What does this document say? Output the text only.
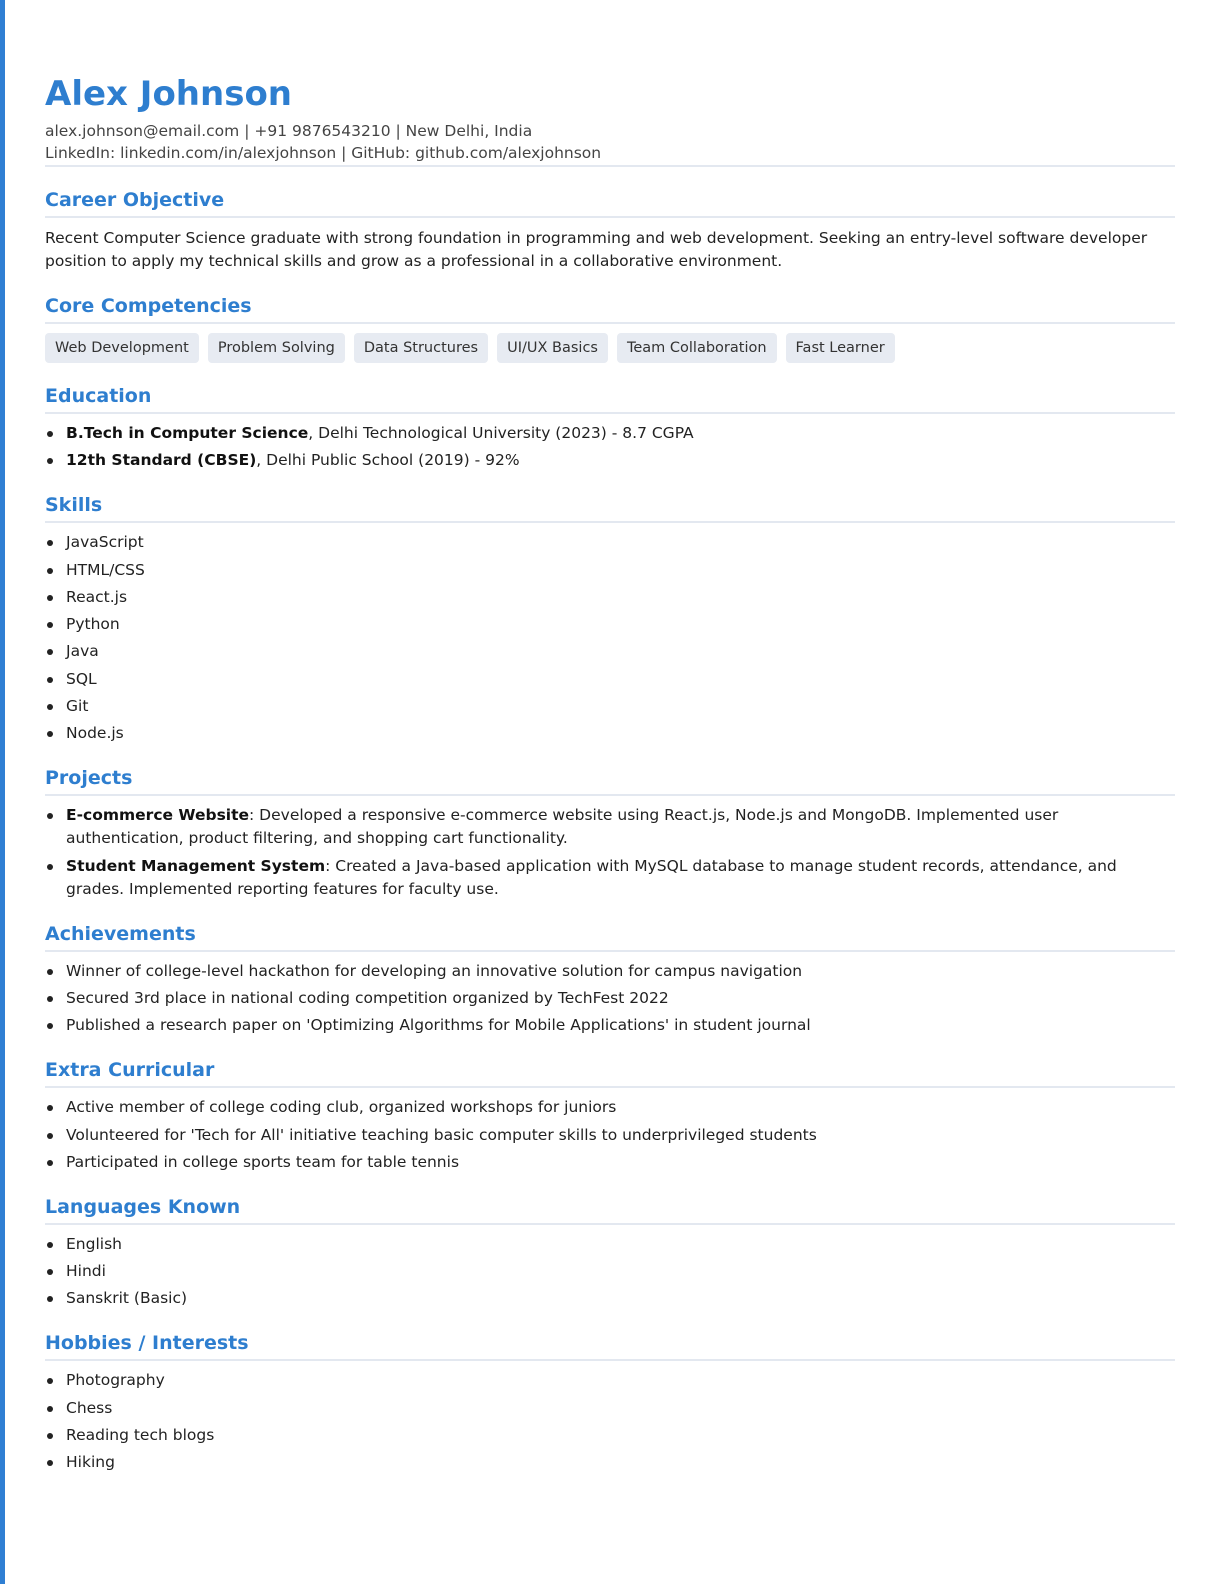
Alex Johnson
alex.johnson@email.com | +91 9876543210 | New Delhi, India
LinkedIn: linkedin.com/in/alexjohnson | GitHub: github.com/alexjohnson
Career Objective
Recent Computer Science graduate with strong foundation in programming and web development. Seeking an entry-level software developer position to apply my technical skills and grow as a professional in a collaborative environment.
Core Competencies
Web Development	Problem Solving	Data Structures	UI/UX Basics	Team Collaboration	Fast Learner
Education
B.Tech in Computer Science, Delhi Technological University (2023) - 8.7 CGPA
12th Standard (CBSE), Delhi Public School (2019) - 92%
Skills
JavaScript
HTML/CSS
React.js
Python
Java
SQL
Git
Node.js
Projects
E-commerce Website: Developed a responsive e-commerce website using React.js, Node.js and MongoDB. Implemented user authentication, product filtering, and shopping cart functionality.
Student Management System: Created a Java-based application with MySQL database to manage student records, attendance, and grades. Implemented reporting features for faculty use.
Achievements
Winner of college-level hackathon for developing an innovative solution for campus navigation
Secured 3rd place in national coding competition organized by TechFest 2022
Published a research paper on 'Optimizing Algorithms for Mobile Applications' in student journal
Extra Curricular
Active member of college coding club, organized workshops for juniors
Volunteered for 'Tech for All' initiative teaching basic computer skills to underprivileged students
Participated in college sports team for table tennis
Languages Known
English
Hindi
Sanskrit (Basic)
Hobbies / Interests
Photography
Chess
Reading tech blogs
Hiking
